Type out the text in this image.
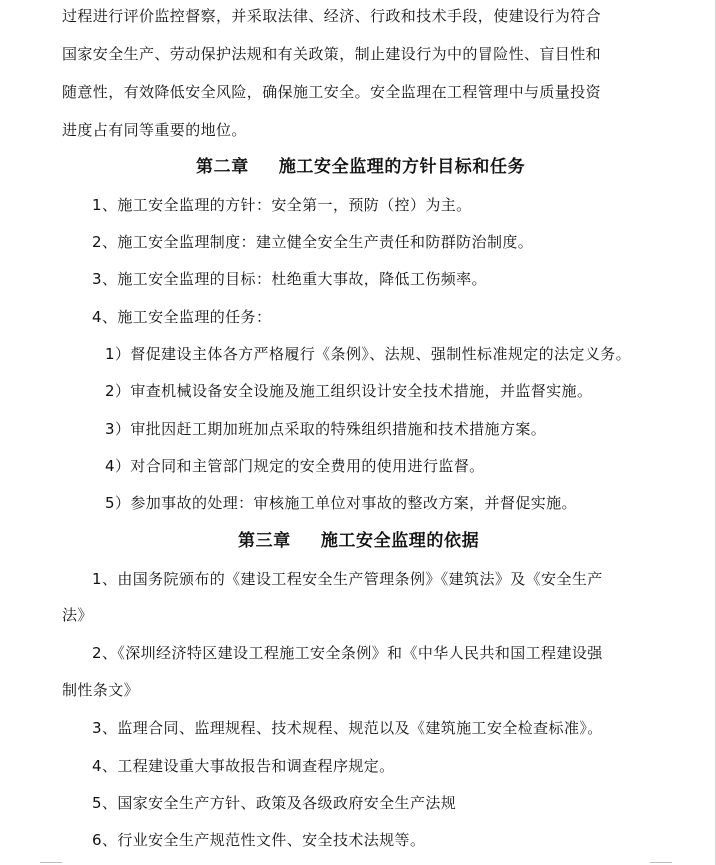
过程进行评价监控督察，并采取法律、经济、行政和技术手段，使建设行为符合
国家安全生产、劳动保护法规和有关政策，制止建设行为中的冒险性、盲目性和
随意性，有效降低安全风险，确保施工安全。安全监理在工程管理中与质量投资
进度占有同等重要的地位。
第二章 施工安全监理的方针目标和任务
1、施工安全监理的方针：安全第一，预防（控）为主。
2、施工安全监理制度：建立健全安全生产责任和防群防治制度。
3、施工安全监理的目标：杜绝重大事故，降低工伤频率。
4、施工安全监理的任务：
1）督促建设主体各方严格履行《条例》、法规、强制性标准规定的法定义务。
2）审查机械设备安全设施及施工组织设计安全技术措施，并监督实施。
3）审批因赶工期加班加点采取的特殊组织措施和技术措施方案。
4）对合同和主管部门规定的安全费用的使用进行监督。
5）参加事故的处理：审核施工单位对事故的整改方案，并督促实施。
第三章 施工安全监理的依据
1、由国务院颁布的《建设工程安全生产管理条例》《建筑法》及《安全生产
法》
2、《深圳经济特区建设工程施工安全条例》和《中华人民共和国工程建设强
制性条文》
3、监理合同、监理规程、技术规程、规范以及《建筑施工安全检查标准》。
4、工程建设重大事故报告和调查程序规定。
5、国家安全生产方针、政策及各级政府安全生产法规
6、行业安全生产规范性文件、安全技术法规等。
